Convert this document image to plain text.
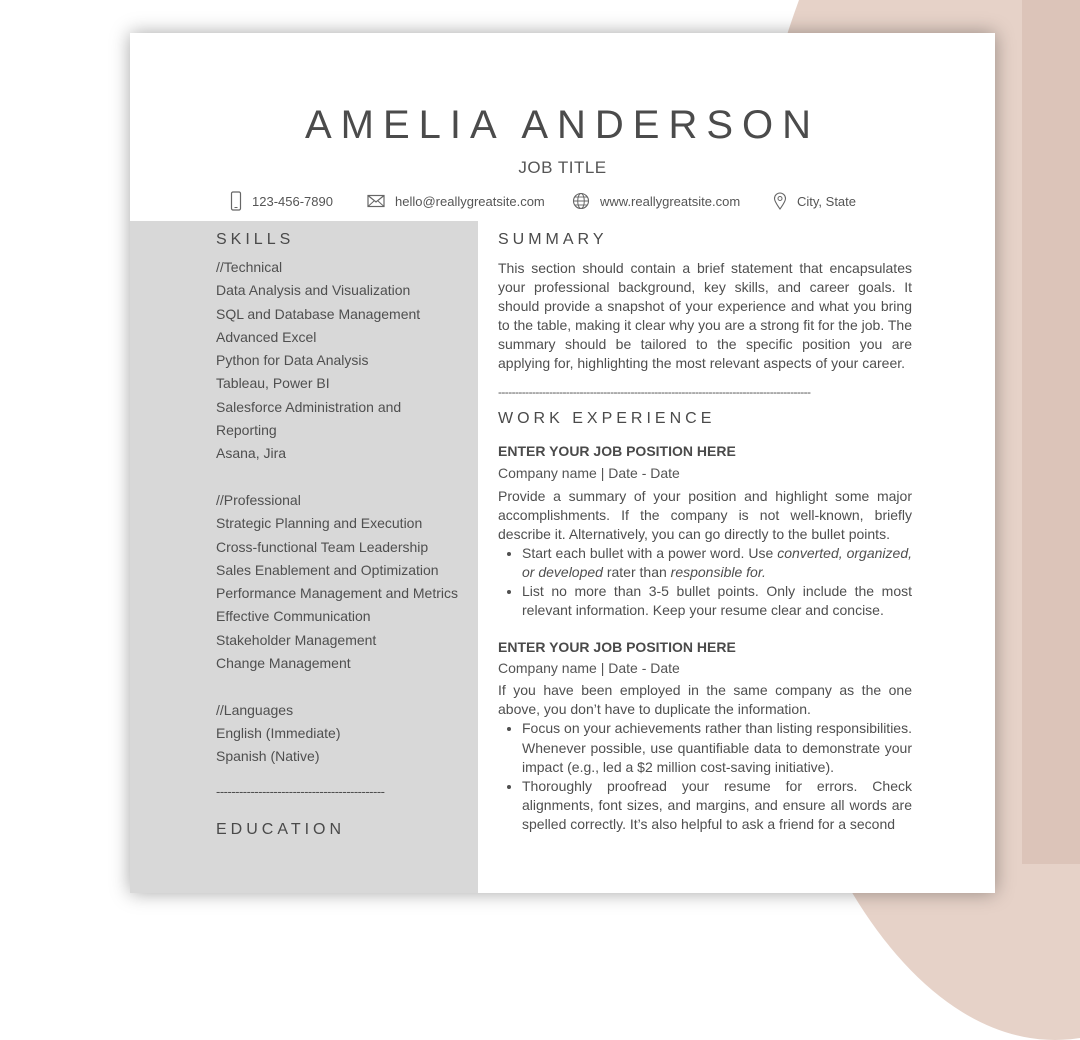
AMELIA ANDERSON
JOB TITLE
123-456-7890	hello@reallygreatsite.com	www.reallygreatsite.com	City, State
SKILLS
//Technical
Data Analysis and Visualization
SQL and Database Management
Advanced Excel
Python for Data Analysis
Tableau, Power BI
Salesforce Administration and
Reporting
Asana, Jira
//Professional
Strategic Planning and Execution
Cross-functional Team Leadership
Sales Enablement and Optimization
Performance Management and Metrics
Effective Communication
Stakeholder Management
Change Management
//Languages
English (Immediate)
Spanish (Native)
--------------------------------------------
EDUCATION
SUMMARY

This section should contain a brief statement that encapsulates your professional background, key skills, and career goals. It should provide a snapshot of your experience and what you bring to the table, making it clear why you are a strong fit for the job. The summary should be tailored to the specific position you are applying for, highlighting the most relevant aspects of your career.

--------------------------------------------------------------------------------------------
WORK EXPERIENCE
ENTER YOUR JOB POSITION HERE
Company name | Date - Date

Provide a summary of your position and highlight some major accomplishments. If the company is not well-known, briefly describe it. Alternatively, you can go directly to the bullet points.

• Start each bullet with a power word. Use converted, organized, or developed rater than responsible for.
• List no more than 3-5 bullet points. Only include the most relevant information. Keep your resume clear and concise.
ENTER YOUR JOB POSITION HERE
Company name | Date - Date

If you have been employed in the same company as the one above, you don’t have to duplicate the information.

• Focus on your achievements rather than listing responsibilities. Whenever possible, use quantifiable data to demonstrate your impact (e.g., led a $2 million cost-saving initiative).
• Thoroughly proofread your resume for errors. Check alignments, font sizes, and margins, and ensure all words are spelled correctly. It’s also helpful to ask a friend for a second
